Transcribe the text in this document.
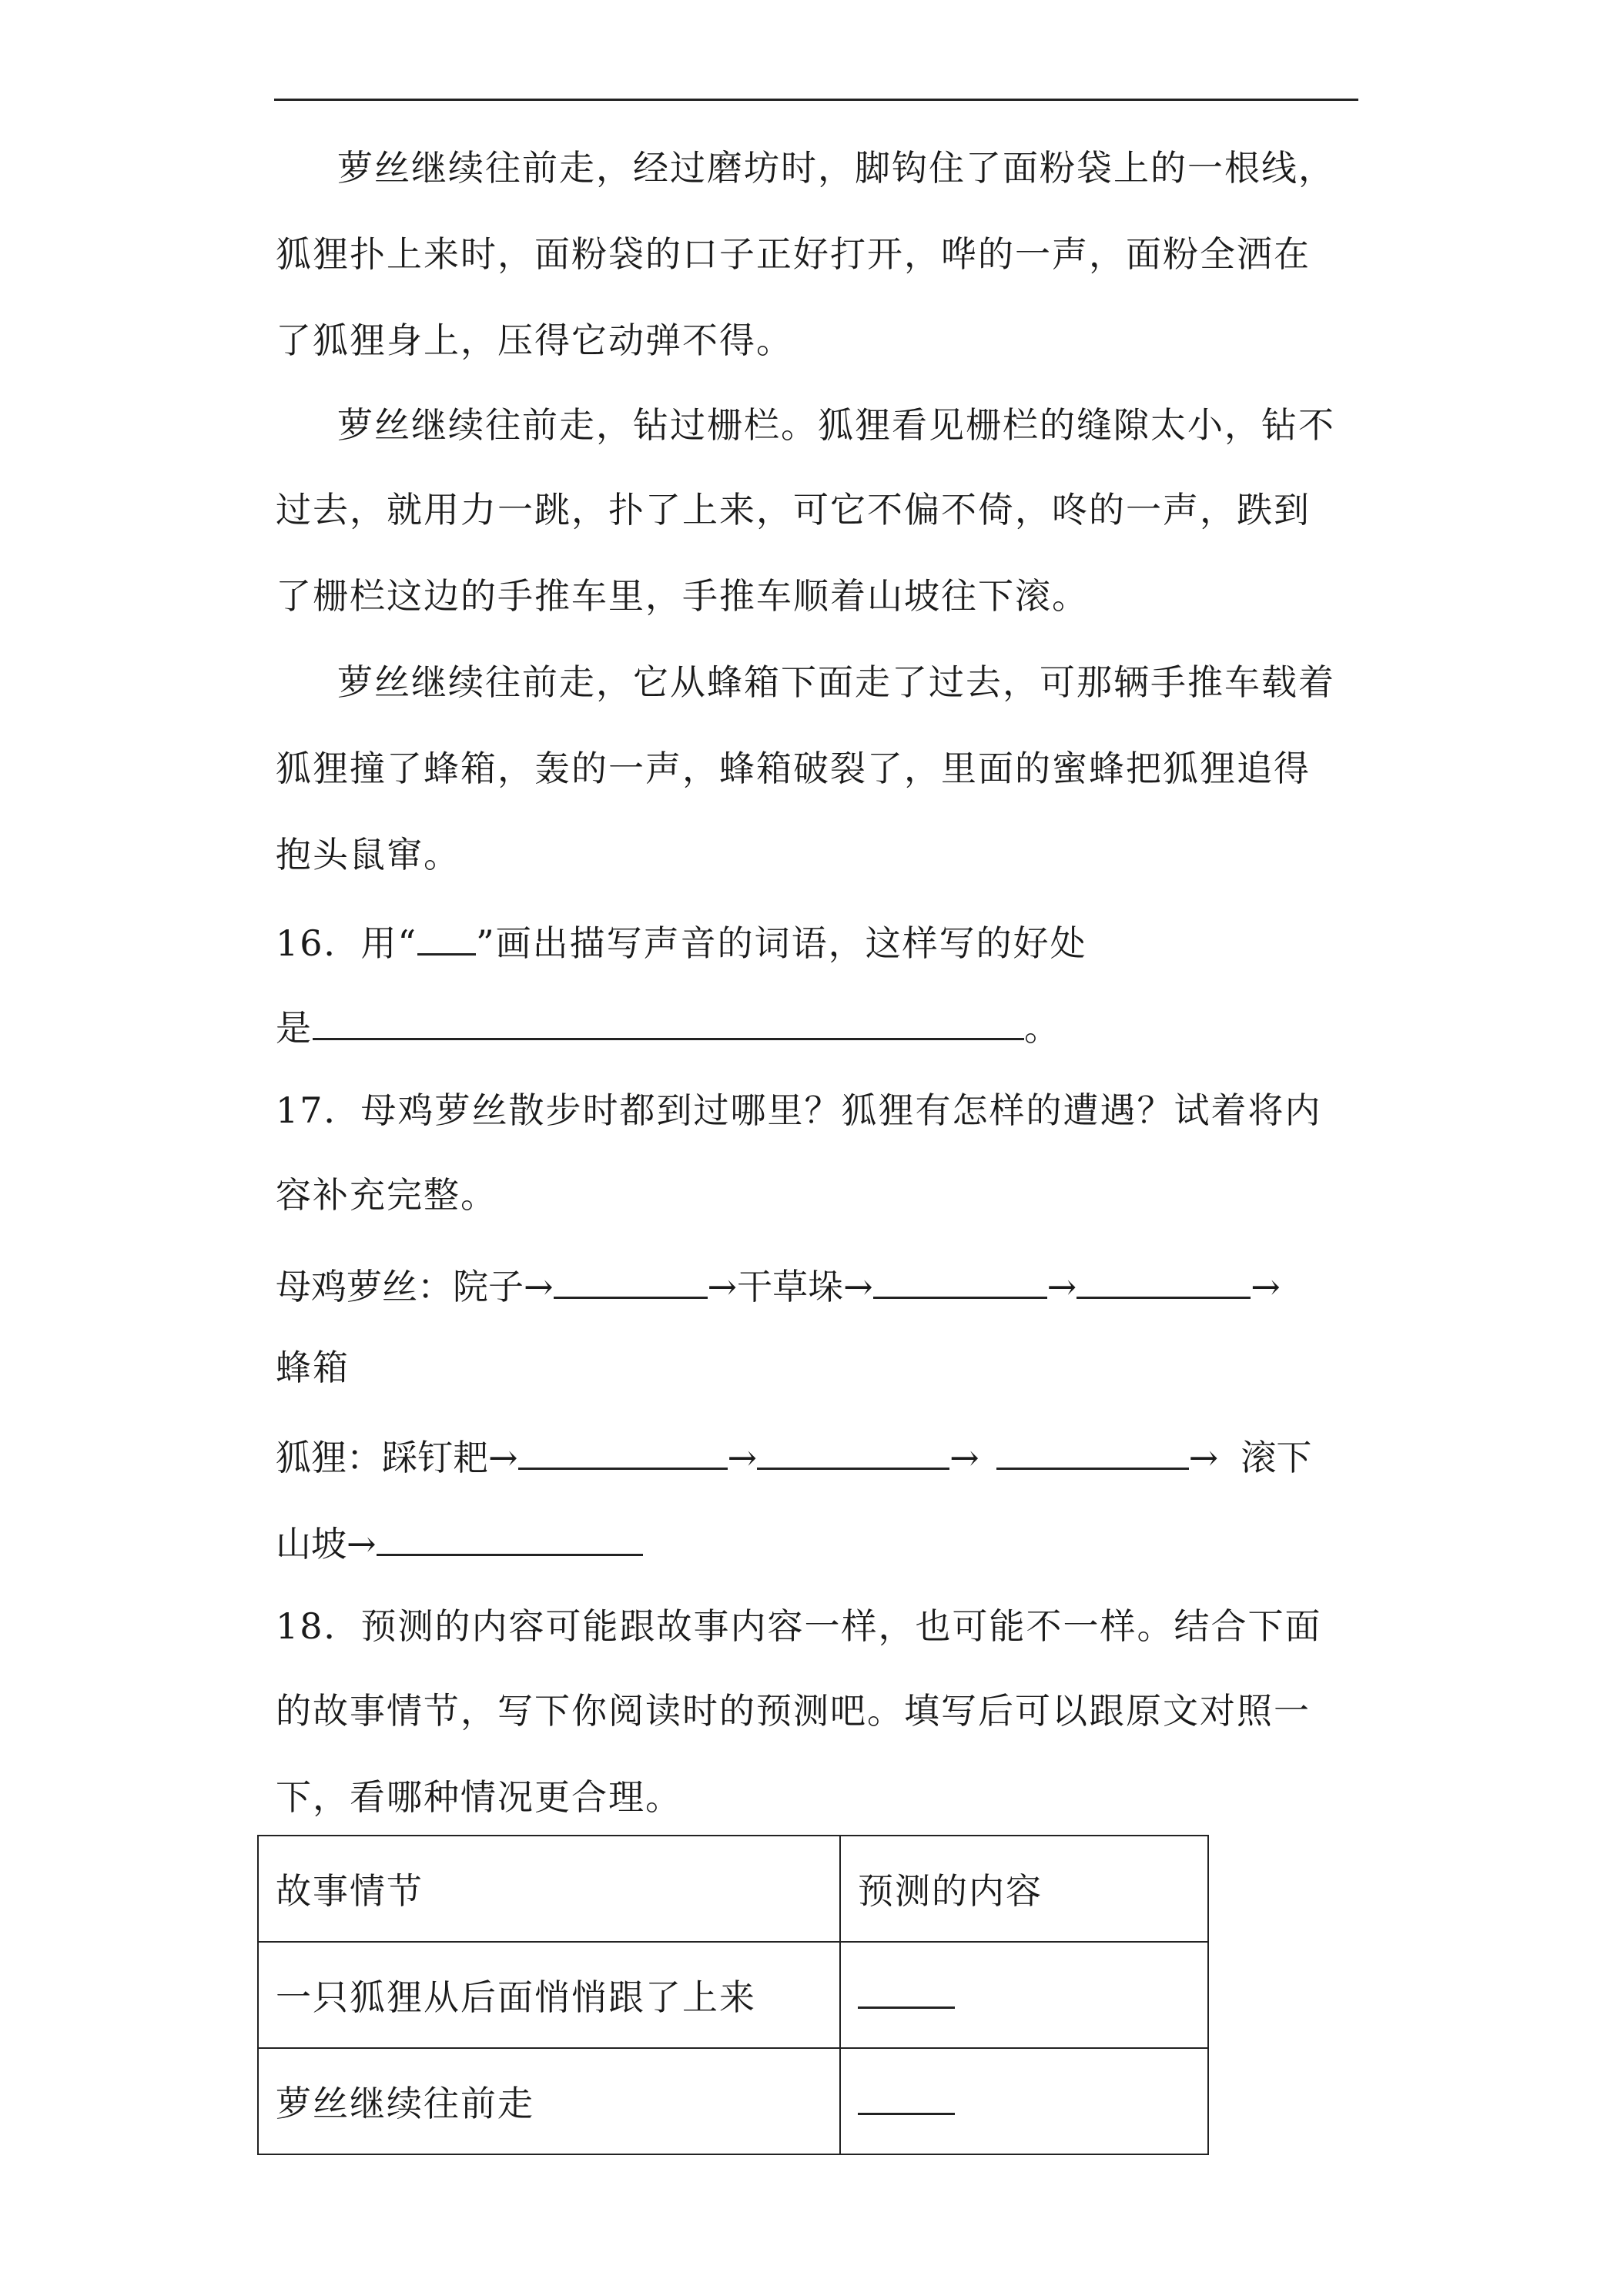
萝丝继续往前走，经过磨坊时，脚钩住了面粉袋上的一根线，
狐狸扑上来时，面粉袋的口子正好打开，哗的一声，面粉全洒在
了狐狸身上，压得它动弹不得。
萝丝继续往前走，钻过栅栏。狐狸看见栅栏的缝隙太小，钻不
过去，就用力一跳，扑了上来，可它不偏不倚，咚的一声，跌到
了栅栏这边的手推车里，手推车顺着山坡往下滚。
萝丝继续往前走，它从蜂箱下面走了过去，可那辆手推车载着
狐狸撞了蜂箱，轰的一声，蜂箱破裂了，里面的蜜蜂把狐狸追得
抱头鼠窜。
16．用“ ”画出描写声音的词语，这样写的好处
是	。
17．母鸡萝丝散步时都到过哪里？狐狸有怎样的遭遇？试着将内
容补充完整。
母鸡萝丝：院子→	→干草垛→	→	→
蜂箱
狐狸：踩钉耙→	→	→	→  滚下
山坡→
18．预测的内容可能跟故事内容一样，也可能不一样。结合下面
的故事情节，写下你阅读时的预测吧。填写后可以跟原文对照一
下，看哪种情况更合理。
故事情节	预测的内容
一只狐狸从后面悄悄跟了上来	
萝丝继续往前走	
